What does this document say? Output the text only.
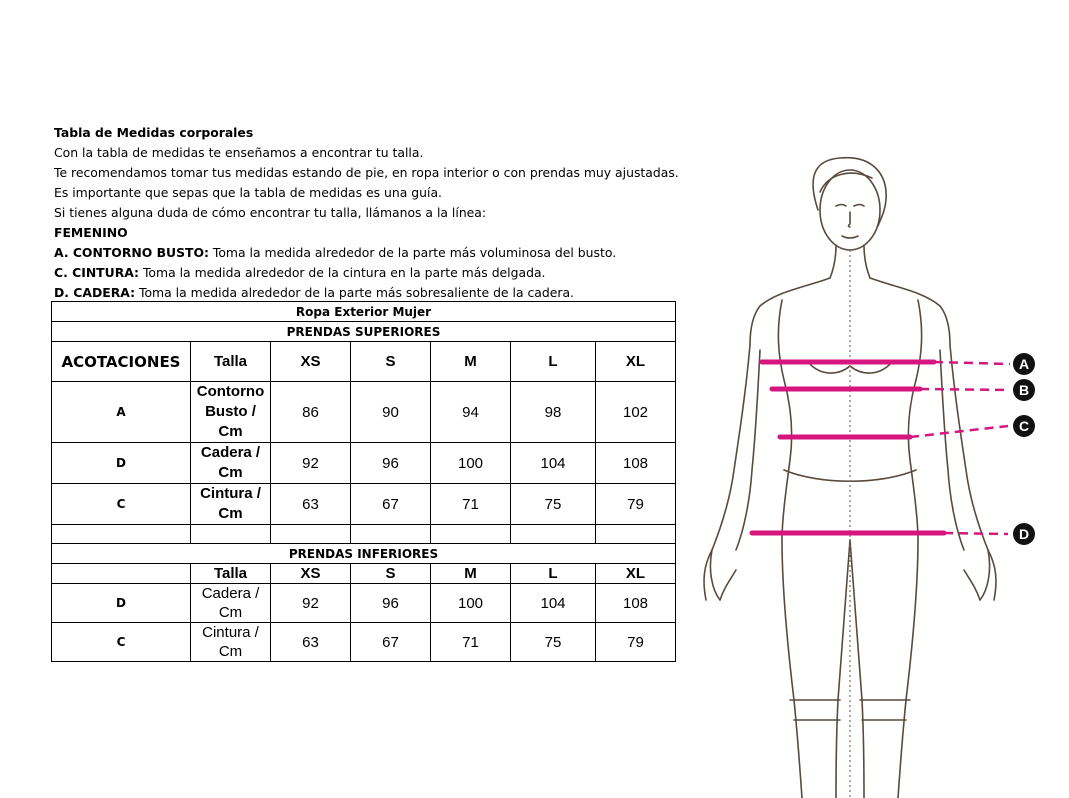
Tabla de Medidas corporales

Con la tabla de medidas te enseñamos a encontrar tu talla.

Te recomendamos tomar tus medidas estando de pie, en ropa interior o con prendas muy ajustadas.

Es importante que sepas que la tabla de medidas es una guía.

Si tienes alguna duda de cómo encontrar tu talla, llámanos a la línea:

FEMENINO

A. CONTORNO BUSTO: Toma la medida alrededor de la parte más voluminosa del busto.

C. CINTURA: Toma la medida alrededor de la cintura en la parte más delgada.

D. CADERA: Toma la medida alrededor de la parte más sobresaliente de la cadera.

Ropa Exterior Mujer						
PRENDAS SUPERIORES						
ACOTACIONES	Talla	XS	S	M	L	XL
A	Contorno Busto / Cm	86	90	94	98	102
D	Cadera / Cm	92	96	100	104	108
C	Cintura / Cm	63	67	71	75	79

PRENDAS INFERIORES						
	Talla	XS	S	M	L	XL
D	Cadera / Cm	92	96	100	104	108
C	Cintura / Cm	63	67	71	75	79
A
B
C
D
